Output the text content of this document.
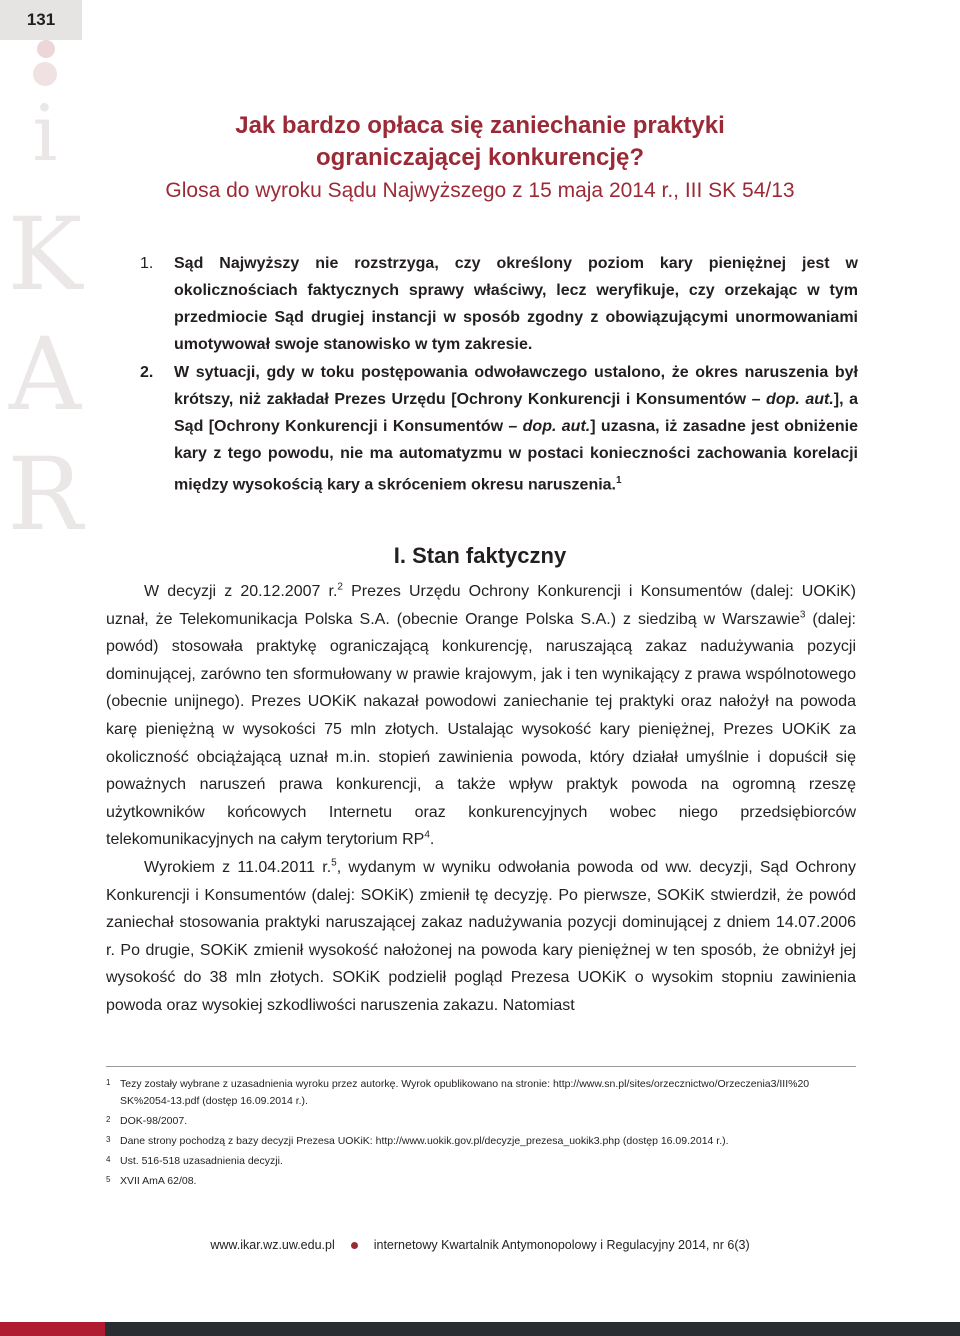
131
i
K
A
R
Jak bardzo opłaca się zaniechanie praktyki
ograniczającej konkurencję?
Glosa do wyroku Sądu Najwyższego z 15 maja 2014 r., III SK 54/13
1. Sąd Najwyższy nie rozstrzyga, czy określony poziom kary pieniężnej jest w okolicznościach faktycznych sprawy właściwy, lecz weryfikuje, czy orzekając w tym przedmiocie Sąd drugiej instancji w sposób zgodny z obowiązującymi unormowaniami umotywował swoje stanowisko w tym zakresie.
2. W sytuacji, gdy w toku postępowania odwoławczego ustalono, że okres naruszenia był krótszy, niż zakładał Prezes Urzędu [Ochrony Konkurencji i Konsumentów – dop. aut.], a Sąd [Ochrony Konkurencji i Konsumentów – dop. aut.] uzasna, iż zasadne jest obniżenie kary z tego powodu, nie ma automatyzmu w postaci konieczności zachowania korelacji między wysokością kary a skróceniem okresu naruszenia.$^1$
I. Stan faktyczny

W decyzji z 20.12.2007 r.$^2$ Prezes Urzędu Ochrony Konkurencji i Konsumentów (dalej: UOKiK) uznał, że Telekomunikacja Polska S.A. (obecnie Orange Polska S.A.) z siedzibą w Warszawie$^3$ (dalej: powód) stosowała praktykę ograniczającą konkurencję, naruszającą zakaz nadużywania pozycji dominującej, zarówno ten sformułowany w prawie krajowym, jak i ten wynikający z prawa wspólnotowego (obecnie unijnego). Prezes UOKiK nakazał powodowi zaniechanie tej praktyki oraz nałożył na powoda karę pieniężną w wysokości 75 mln złotych. Ustalając wysokość kary pieniężnej, Prezes UOKiK za okoliczność obciążającą uznał m.in. stopień zawinienia powoda, który działał umyślnie i dopuścił się poważnych naruszeń prawa konkurencji, a także wpływ praktyk powoda na ogromną rzeszę użytkowników końcowych Internetu oraz konkurencyjnych wobec niego przedsiębiorców telekomunikacyjnych na całym terytorium $RP^4$.

Wyrokiem z 11.04.2011 r.$^5$, wydanym w wyniku odwołania powoda od ww. decyzji, Sąd Ochrony Konkurencji i Konsumentów (dalej: SOKiK) zmienił tę decyzję. Po pierwsze, SOKiK stwierdził, że powód zaniechał stosowania praktyki naruszającej zakaz nadużywania pozycji dominującej z dniem 14.07.2006 r. Po drugie, SOKiK zmienił wysokość nałożonej na powoda kary pieniężnej w ten sposób, że obniżył jej wysokość do 38 mln złotych. SOKiK podzielił pogląd Prezesa UOKiK o wysokim stopniu zawinienia powoda oraz wysokiej szkodliwości naruszenia zakazu. Natomiast

1 Tezy zostały wybrane z uzasadnienia wyroku przez autorkę. Wyrok opublikowano na stronie: http://www.sn.pl/sites/orzecznictwo/Orzeczenia3/III%20 SK%2054-13.pdf (dostęp 16.09.2014 r.).
2 DOK-98/2007.
3 Dane strony pochodzą z bazy decyzji Prezesa UOKiK: http://www.uokik.gov.pl/decyzje_prezesa_uokik3.php (dostęp 16.09.2014 r.).
4 Ust. 516-518 uzasadnienia decyzji.
5 XVII AmA 62/08.
www.ikar.wz.uw.edu.pl	internetowy Kwartalnik Antymonopolowy i Regulacyjny 2014, nr 6(3)
